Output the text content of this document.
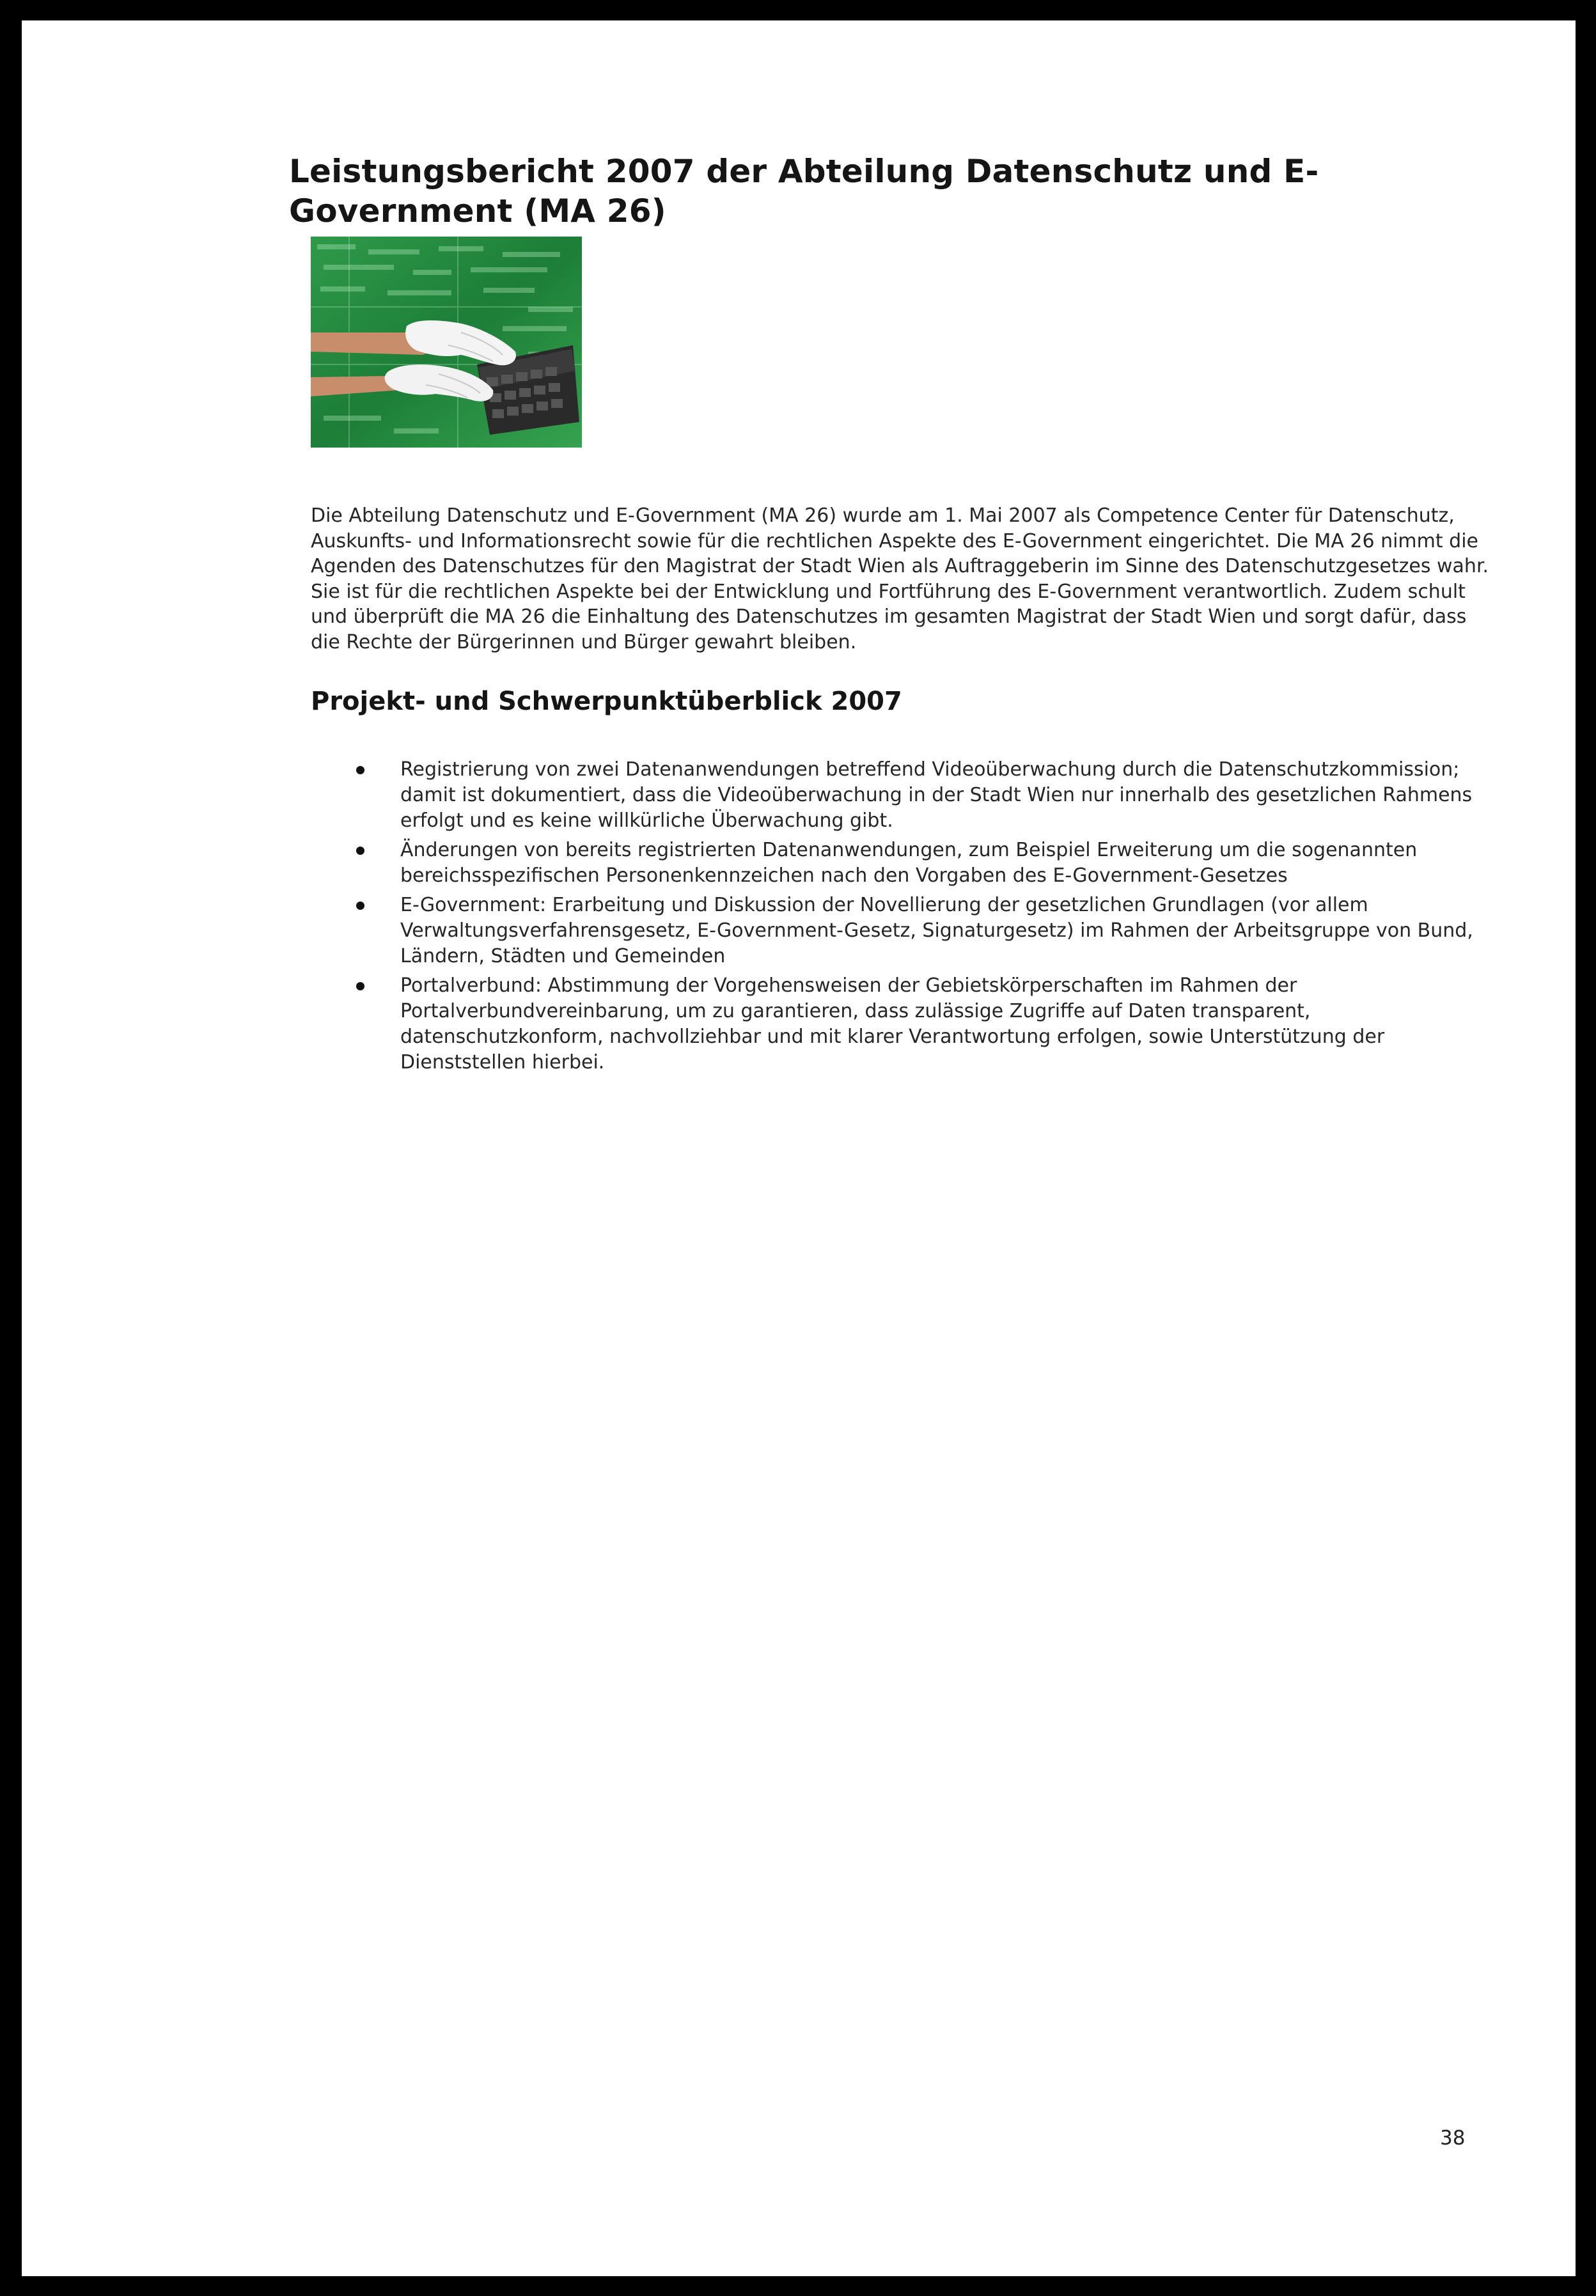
Leistungsbericht 2007 der Abteilung Datenschutz und E-Government (MA 26)

Die Abteilung Datenschutz und E-Government (MA 26) wurde am 1. Mai 2007 als Competence Center für Datenschutz, Auskunfts- und Informationsrecht sowie für die rechtlichen Aspekte des E-Government eingerichtet. Die MA 26 nimmt die Agenden des Datenschutzes für den Magistrat der Stadt Wien als Auftraggeberin im Sinne des Datenschutzgesetzes wahr. Sie ist für die rechtlichen Aspekte bei der Entwicklung und Fortführung des E-Government verantwortlich. Zudem schult und überprüft die MA 26 die Einhaltung des Datenschutzes im gesamten Magistrat der Stadt Wien und sorgt dafür, dass die Rechte der Bürgerinnen und Bürger gewahrt bleiben.

Projekt- und Schwerpunktüberblick 2007
Registrierung von zwei Datenanwendungen betreffend Videoüberwachung durch die Datenschutzkommission; damit ist dokumentiert, dass die Videoüberwachung in der Stadt Wien nur innerhalb des gesetzlichen Rahmens erfolgt und es keine willkürliche Überwachung gibt.
Änderungen von bereits registrierten Datenanwendungen, zum Beispiel Erweiterung um die sogenannten bereichsspezifischen Personenkennzeichen nach den Vorgaben des E-Government-Gesetzes
E-Government: Erarbeitung und Diskussion der Novellierung der gesetzlichen Grundlagen (vor allem Verwaltungsverfahrensgesetz, E-Government-Gesetz, Signaturgesetz) im Rahmen der Arbeitsgruppe von Bund, Ländern, Städten und Gemeinden
Portalverbund: Abstimmung der Vorgehensweisen der Gebietskörperschaften im Rahmen der Portalverbundvereinbarung, um zu garantieren, dass zulässige Zugriffe auf Daten transparent, datenschutzkonform, nachvollziehbar und mit klarer Verantwortung erfolgen, sowie Unterstützung der Dienststellen hierbei.
38
